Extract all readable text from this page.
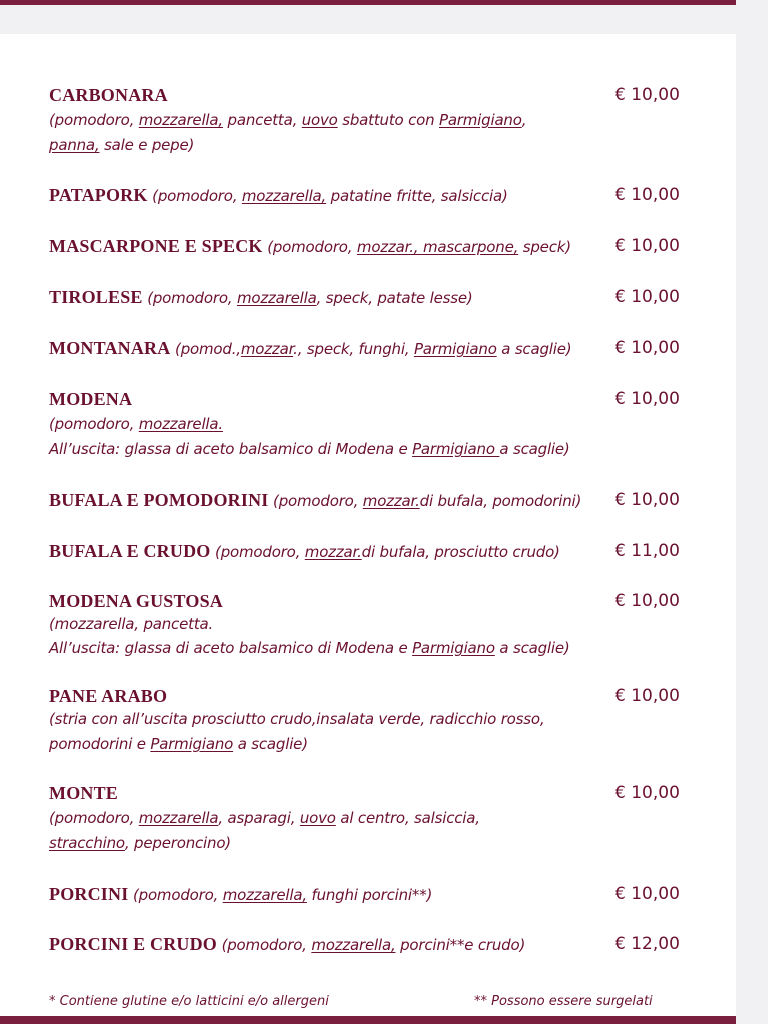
CARBONARA	€ 10,00
(pomodoro, mozzarella, pancetta, uovo sbattuto con Parmigiano,
panna, sale e pepe)
PATAPORK (pomodoro, mozzarella, patatine fritte, salsiccia)	€ 10,00
MASCARPONE E SPECK (pomodoro, mozzar., mascarpone, speck)	€ 10,00
TIROLESE (pomodoro, mozzarella, speck, patate lesse)	€ 10,00
MONTANARA (pomod.,mozzar., speck, funghi, Parmigiano a scaglie)	€ 10,00
MODENA	€ 10,00
(pomodoro, mozzarella.
All’uscita: glassa di aceto balsamico di Modena e Parmigiano a scaglie)
BUFALA E POMODORINI (pomodoro, mozzar.di bufala, pomodorini) € 10,00
BUFALA E CRUDO (pomodoro, mozzar.di bufala, prosciutto crudo)	€ 11,00
MODENA GUSTOSA	€ 10,00
(mozzarella, pancetta.
All’uscita: glassa di aceto balsamico di Modena e Parmigiano a scaglie)
PANE ARABO	€ 10,00
(stria con all’uscita prosciutto crudo,insalata verde, radicchio rosso,
pomodorini e Parmigiano a scaglie)
MONTE	€ 10,00
(pomodoro, mozzarella, asparagi, uovo al centro, salsiccia,
stracchino, peperoncino)
PORCINI (pomodoro, mozzarella, funghi porcini**)	€ 10,00
PORCINI E CRUDO (pomodoro, mozzarella, porcini**e crudo)	€ 12,00
* Contiene glutine e/o latticini e/o allergeni	** Possono essere surgelati
